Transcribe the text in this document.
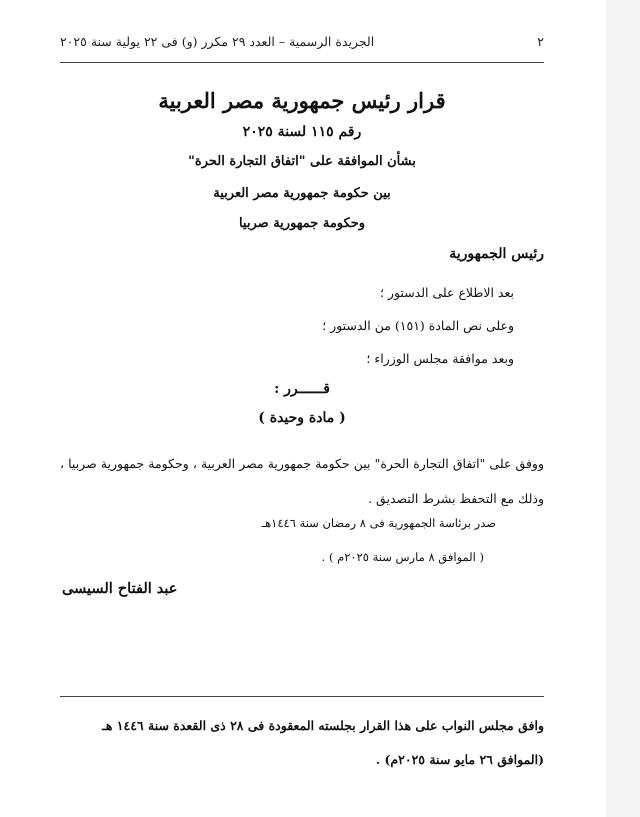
٢
الجريدة الرسمية – العدد ٢٩ مكرر (و) فى ٢٢ يولية سنة ٢٠٢٥
قرار رئيس جمهورية مصر العربية
رقم ١١٥ لسنة ٢٠٢٥
بشأن الموافقة على "اتفاق التجارة الحرة"
بين حكومة جمهورية مصر العربية
وحكومة جمهورية صربيا
رئيس الجمهورية
بعد الاطلاع على الدستور ؛
وعلى نص المادة (١٥١) من الدستور ؛
وبعد موافقة مجلس الوزراء ؛
قــــــرر :
( مادة وحيدة )
ووفق على "اتفاق التجارة الحرة" بين حكومة جمهورية مصر العربية ، وحكومة جمهورية صربيا ، وذلك مع التحفظ بشرط التصديق .
صدر برئاسة الجمهورية فى ٨ رمضان سنة ١٤٤٦هـ
( الموافق ٨ مارس سنة ٢٠٢٥م ) .
عبد الفتاح السيسى
وافق مجلس النواب على هذا القرار بجلسته المعقودة فى ٢٨ ذى القعدة سنة ١٤٤٦ هـ
(الموافق ٢٦ مايو سنة ٢٠٢٥م) .
